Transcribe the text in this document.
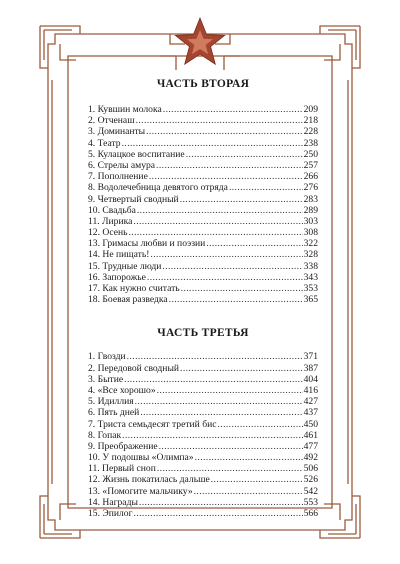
ЧАСТЬ ВТОРАЯ
1. Кувшин молока .....	209
2. Отченаш .....	218
3. Доминанты .....	228
4. Театр .....	238
5. Кулацкое воспитание .....	250
6. Стрелы амура .....	257
7. Пополнение .....	266
8. Водолечебница девятого отряда .....	276
9. Четвертый сводный .....	283
10. Свадьба .....	289
11. Лирика .....	303
12. Осень .....	308
13. Гримасы любви и поэзии .....	322
14. Не пищать! .....	328
15. Трудные люди .....	338
16. Запорожье .....	343
17. Как нужно считать .....	353
18. Боевая разведка .....	365
ЧАСТЬ ТРЕТЬЯ
1. Гвозди .....	371
2. Передовой сводный .....	387
3. Бытие .....	404
4. «Все хорошо» .....	416
5. Идиллия .....	427
6. Пять дней .....	437
7. Триста семьдесят третий бис .....	450
8. Гопак .....	461
9. Преображение .....	477
10. У подошвы «Олимпа» .....	492
11. Первый сноп .....	506
12. Жизнь покатилась дальше .....	526
13. «Помогите мальчику» .....	542
14. Награды .....	553
15. Эпилог .....	566
